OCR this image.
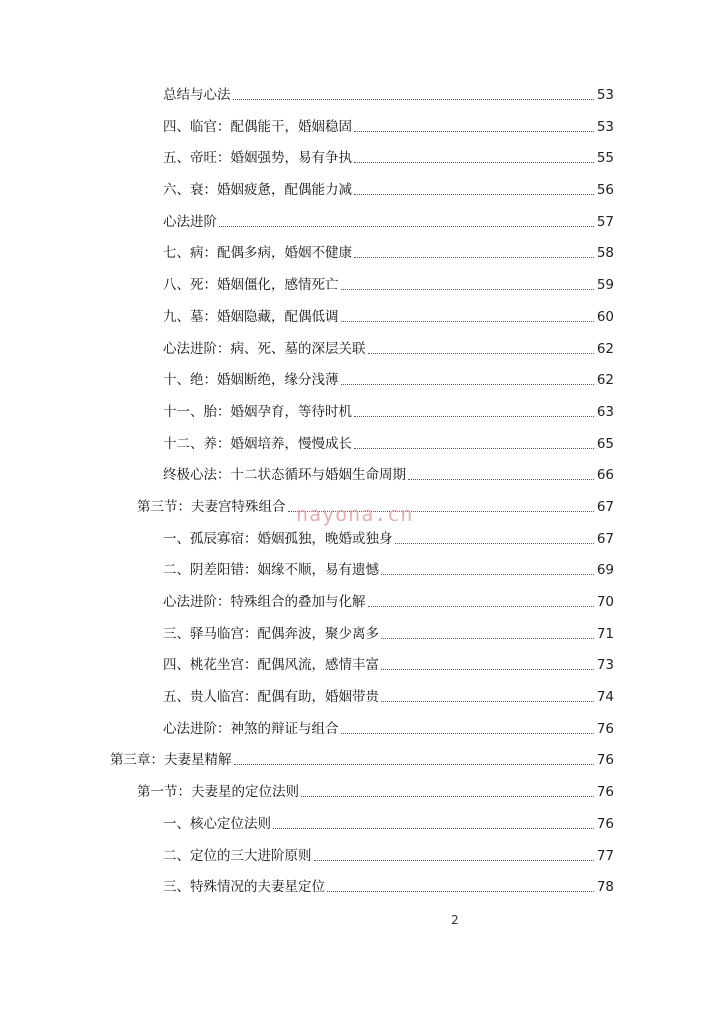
总结与心法	53
四、临官：配偶能干，婚姻稳固	53
五、帝旺：婚姻强势，易有争执	55
六、衰：婚姻疲惫，配偶能力减	56
心法进阶	57
七、病：配偶多病，婚姻不健康	58
八、死：婚姻僵化，感情死亡	59
九、墓：婚姻隐藏，配偶低调	60
心法进阶：病、死、墓的深层关联	62
十、绝：婚姻断绝，缘分浅薄	62
十一、胎：婚姻孕育，等待时机	63
十二、养：婚姻培养，慢慢成长	65
终极心法：十二状态循环与婚姻生命周期	66
第三节：夫妻宫特殊组合	67
一、孤辰寡宿：婚姻孤独，晚婚或独身	67
二、阴差阳错：姻缘不顺，易有遗憾	69
心法进阶：特殊组合的叠加与化解	70
三、驿马临宫：配偶奔波，聚少离多	71
四、桃花坐宫：配偶风流，感情丰富	73
五、贵人临宫：配偶有助，婚姻带贵	74
心法进阶：神煞的辩证与组合	76
第三章：夫妻星精解	76
第一节：夫妻星的定位法则	76
一、核心定位法则	76
二、定位的三大进阶原则	77
三、特殊情况的夫妻星定位	78
nayona.cn
2
